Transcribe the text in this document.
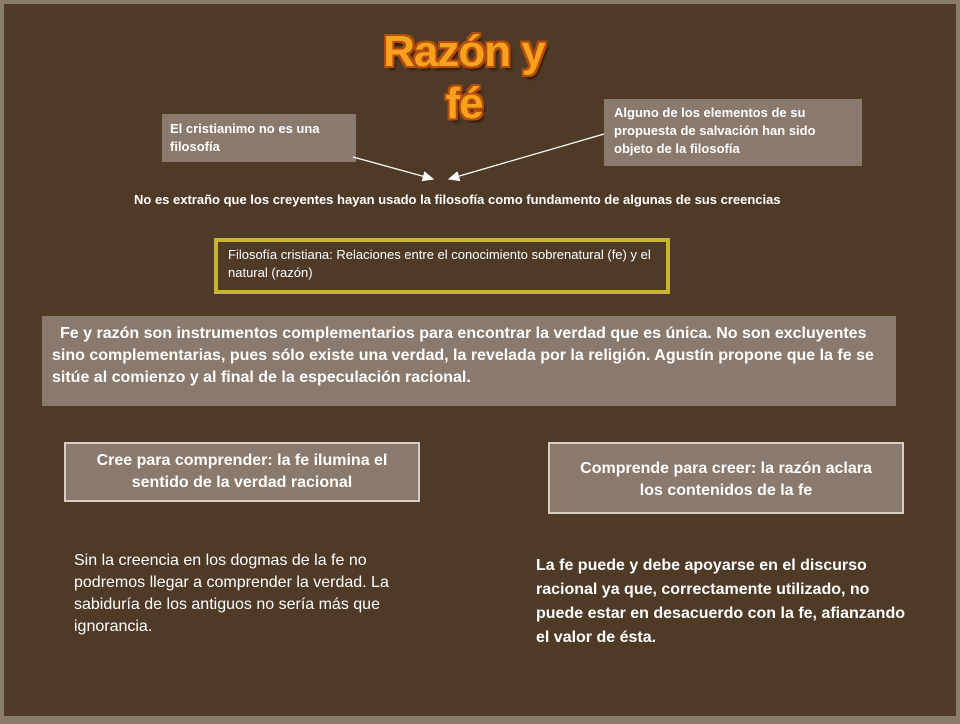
Razón y fé
El cristianimo no es una filosofía
Alguno de los elementos de su propuesta de salvación han sido objeto de la filosofía
No es extraño que los creyentes hayan usado la filosofía como fundamento de algunas de sus creencias
Filosofía cristiana: Relaciones entre el conocimiento sobrenatural (fe) y el natural (razón)
Fe y razón son instrumentos complementarios para encontrar la verdad que es única. No son excluyentes sino complementarias, pues sólo existe una verdad, la revelada por la religión. Agustín propone que la fe se sitúe al comienzo y al final de la especulación racional.
Cree para comprender: la fe ilumina el sentido de la verdad racional
Comprende para creer: la razón aclara los contenidos de la fe
Sin la creencia en los dogmas de la fe no podremos llegar a comprender la verdad. La sabiduría de los antiguos no sería más que ignorancia.
La fe puede y debe apoyarse en el discurso racional ya que, correctamente utilizado, no puede estar en desacuerdo con la fe, afianzando el valor de ésta.
